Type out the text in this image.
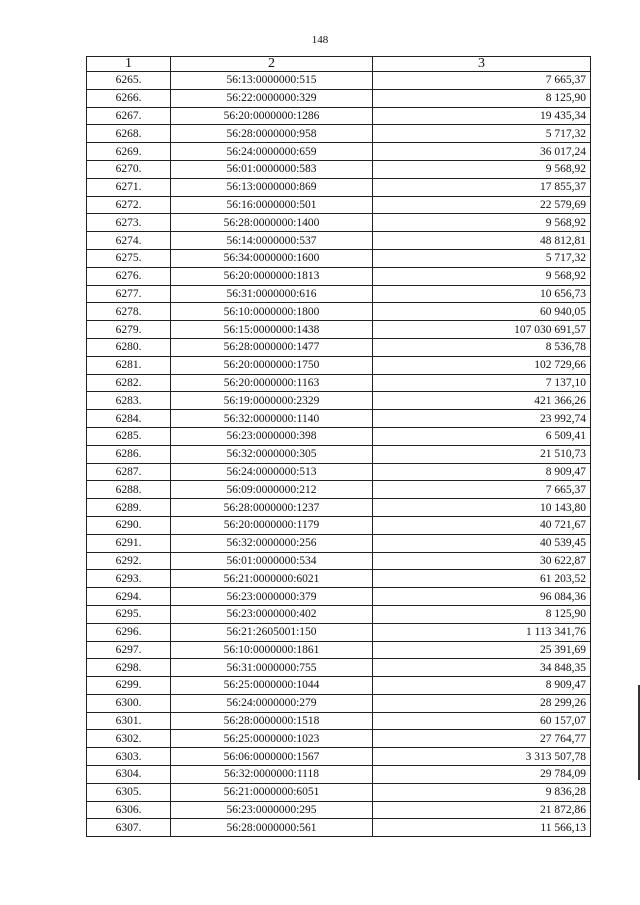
148
1	2	3
6265.	56:13:0000000:515	7 665,37
6266.	56:22:0000000:329	8 125,90
6267.	56:20:0000000:1286	19 435,34
6268.	56:28:0000000:958	5 717,32
6269.	56:24:0000000:659	36 017,24
6270.	56:01:0000000:583	9 568,92
6271.	56:13:0000000:869	17 855,37
6272.	56:16:0000000:501	22 579,69
6273.	56:28:0000000:1400	9 568,92
6274.	56:14:0000000:537	48 812,81
6275.	56:34:0000000:1600	5 717,32
6276.	56:20:0000000:1813	9 568,92
6277.	56:31:0000000:616	10 656,73
6278.	56:10:0000000:1800	60 940,05
6279.	56:15:0000000:1438	107 030 691,57
6280.	56:28:0000000:1477	8 536,78
6281.	56:20:0000000:1750	102 729,66
6282.	56:20:0000000:1163	7 137,10
6283.	56:19:0000000:2329	421 366,26
6284.	56:32:0000000:1140	23 992,74
6285.	56:23:0000000:398	6 509,41
6286.	56:32:0000000:305	21 510,73
6287.	56:24:0000000:513	8 909,47
6288.	56:09:0000000:212	7 665,37
6289.	56:28:0000000:1237	10 143,80
6290.	56:20:0000000:1179	40 721,67
6291.	56:32:0000000:256	40 539,45
6292.	56:01:0000000:534	30 622,87
6293.	56:21:0000000:6021	61 203,52
6294.	56:23:0000000:379	96 084,36
6295.	56:23:0000000:402	8 125,90
6296.	56:21:2605001:150	1 113 341,76
6297.	56:10:0000000:1861	25 391,69
6298.	56:31:0000000:755	34 848,35
6299.	56:25:0000000:1044	8 909,47
6300.	56:24:0000000:279	28 299,26
6301.	56:28:0000000:1518	60 157,07
6302.	56:25:0000000:1023	27 764,77
6303.	56:06:0000000:1567	3 313 507,78
6304.	56:32:0000000:1118	29 784,09
6305.	56:21:0000000:6051	9 836,28
6306.	56:23:0000000:295	21 872,86
6307.	56:28:0000000:561	11 566,13
